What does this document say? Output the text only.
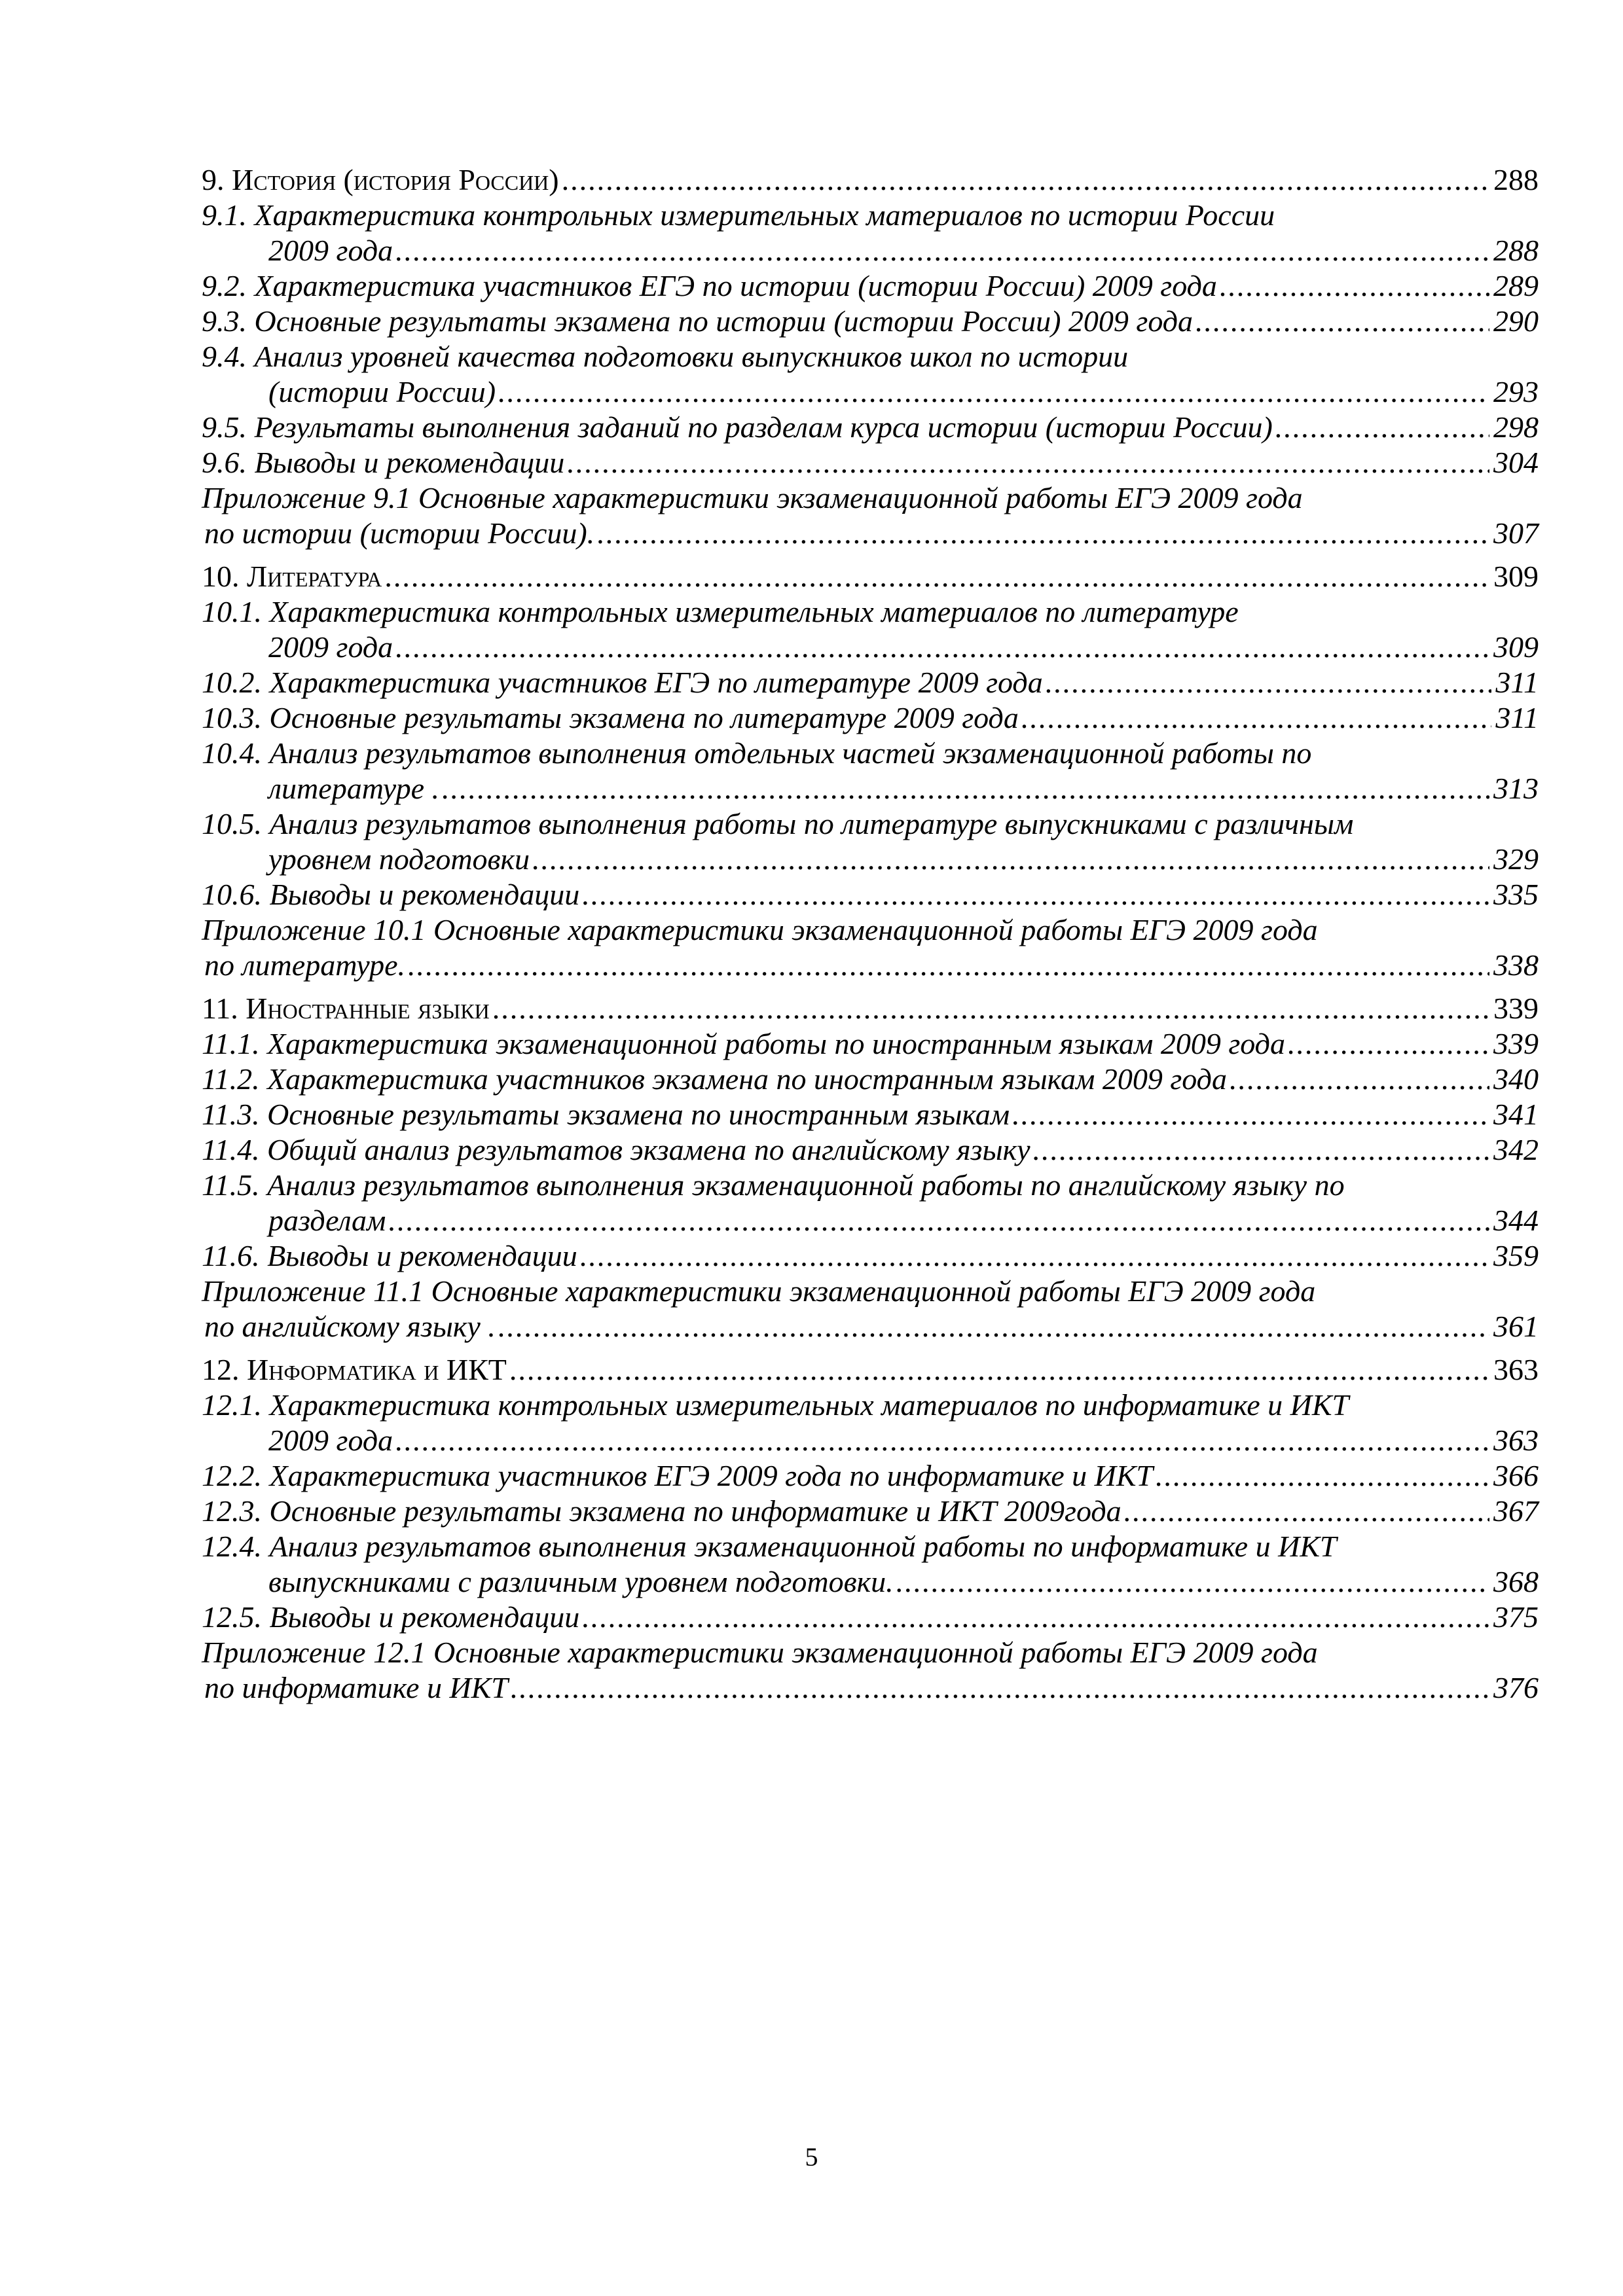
9. История (история России) .....	288
9.1. Характеристика контрольных измерительных материалов по истории России
2009 года .....	288
9.2. Характеристика участников ЕГЭ по истории (истории России) 2009 года .....	289
9.3. Основные результаты экзамена по истории (истории России) 2009 года .....	290
9.4. Анализ уровней качества подготовки выпускников школ по истории
(истории России) .....	293
9.5. Результаты выполнения заданий по разделам курса истории (истории России) .....	298
9.6. Выводы и рекомендации .....	304
Приложение 9.1 Основные характеристики экзаменационной работы ЕГЭ 2009 года
по истории (истории России). .....	307
10. Литература .....	309
10.1. Характеристика контрольных измерительных материалов по литературе
2009 года .....	309
10.2. Характеристика участников ЕГЭ по литературе 2009 года .....	311
10.3. Основные результаты экзамена по литературе 2009 года .....	311
10.4. Анализ результатов выполнения отдельных частей экзаменационной работы по
литературе . .....	313
10.5. Анализ результатов выполнения работы по литературе выпускниками с различным
уровнем подготовки .....	329
10.6. Выводы и рекомендации .....	335
Приложение 10.1 Основные характеристики экзаменационной работы ЕГЭ 2009 года
по литературе. .....	338
11. Иностранные языки .....	339
11.1. Характеристика экзаменационной работы по иностранным языкам 2009 года .....	339
11.2. Характеристика участников экзамена по иностранным языкам 2009 года .....	340
11.3. Основные результаты экзамена по иностранным языкам .....	341
11.4. Общий анализ результатов экзамена по английскому языку .....	342
11.5. Анализ результатов выполнения экзаменационной работы по английскому языку по
разделам .....	344
11.6. Выводы и рекомендации .....	359
Приложение 11.1 Основные характеристики экзаменационной работы ЕГЭ 2009 года
по английскому языку . .....	361
12. Информатика и ИКТ .....	363
12.1. Характеристика контрольных измерительных материалов по информатике и ИКТ
2009 года .....	363
12.2. Характеристика участников ЕГЭ 2009 года по информатике и ИКТ .....	366
12.3. Основные результаты экзамена по информатике и ИКТ 2009года .....	367
12.4. Анализ результатов выполнения экзаменационной работы по информатике и ИКТ
выпускниками с различным уровнем подготовки. .....	368
12.5. Выводы и рекомендации .....	375
Приложение 12.1 Основные характеристики экзаменационной работы ЕГЭ 2009 года
по информатике и ИКТ .....	376
5
